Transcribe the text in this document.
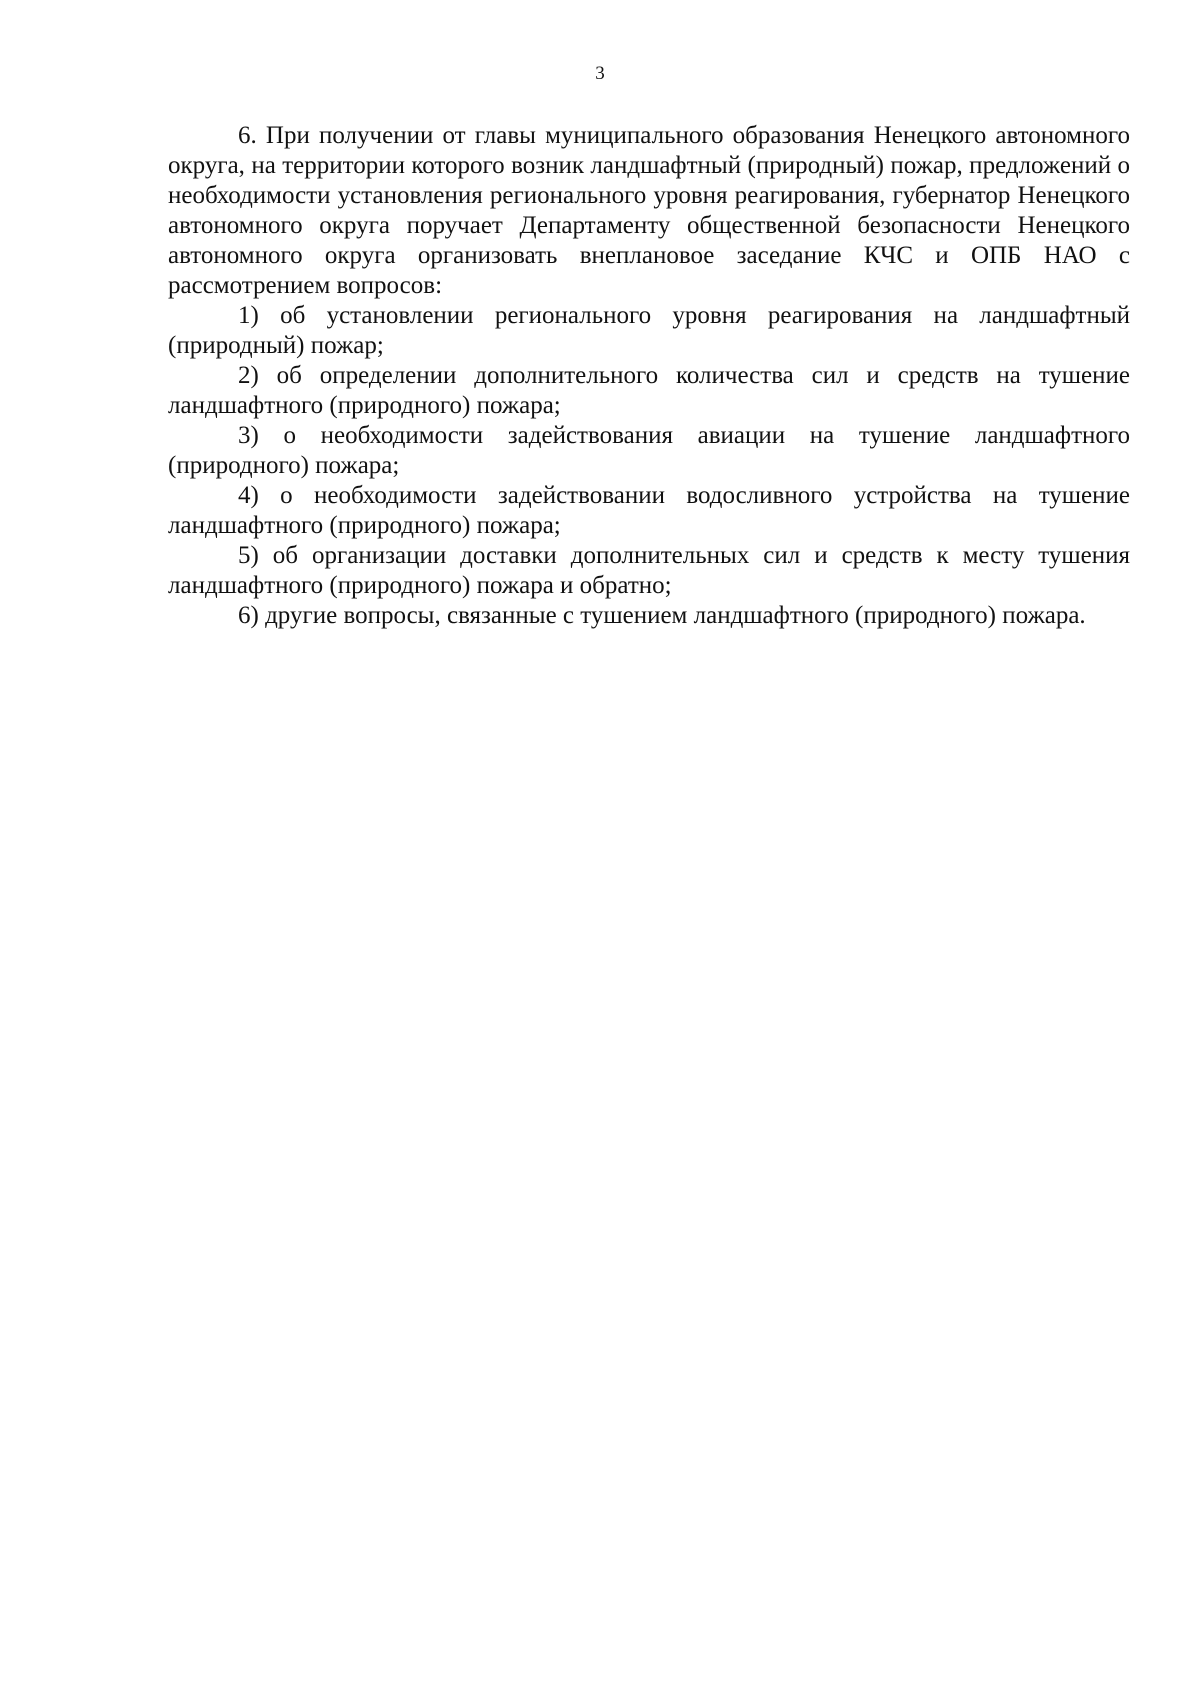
3

6. При получении от главы муниципального образования Ненецкого автономного округа, на территории которого возник ландшафтный (природный) пожар, предложений о необходимости установления регионального уровня реагирования, губернатор Ненецкого автономного округа поручает Департаменту общественной безопасности Ненецкого автономного округа организовать внеплановое заседание КЧС и ОПБ НАО с рассмотрением вопросов:

1) об установлении регионального уровня реагирования на ландшафтный (природный) пожар;

2) об определении дополнительного количества сил и средств на тушение ландшафтного (природного) пожара;

3) о необходимости задействования авиации на тушение ландшафтного (природного) пожара;

4) о необходимости задействовании водосливного устройства на тушение ландшафтного (природного) пожара;

5) об организации доставки дополнительных сил и средств к месту тушения ландшафтного (природного) пожара и обратно;

6) другие вопросы, связанные с тушением ландшафтного (природного) пожара.
